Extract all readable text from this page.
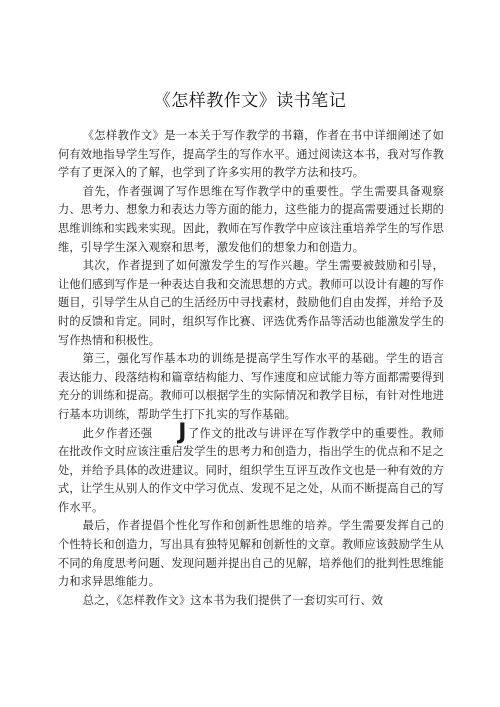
《怎样教作文》读书笔记

《怎样教作文》是一本关于写作教学的书籍，作者在书中详细阐述了如何有效地指导学生写作，提高学生的写作水平。通过阅读这本书，我对写作教学有了更深入的了解，也学到了许多实用的教学方法和技巧。

首先，作者强调了写作思维在写作教学中的重要性。学生需要具备观察力、思考力、想象力和表达力等方面的能力，这些能力的提高需要通过长期的思维训练和实践来实现。因此，教师在写作教学中应该注重培养学生的写作思维，引导学生深入观察和思考，激发他们的想象力和创造力。

其次，作者提到了如何激发学生的写作兴趣。学生需要被鼓励和引导，让他们感到写作是一种表达自我和交流思想的方式。教师可以设计有趣的写作题目，引导学生从自己的生活经历中寻找素材，鼓励他们自由发挥，并给予及时的反馈和肯定。同时，组织写作比赛、评选优秀作品等活动也能激发学生的写作热情和积极性。

第三，强化写作基本功的训练是提高学生写作水平的基础。学生的语言表达能力、段落结构和篇章结构能力、写作速度和应试能力等方面都需要得到充分的训练和提高。教师可以根据学生的实际情况和教学目标，有针对性地进行基本功训练，帮助学生打下扎实的写作基础。

此夕作者还强 J了作文的批改与讲评在写作教学中的重要性。教师在批改作文时应该注重启发学生的思考力和创造力，指出学生的优点和不足之处，并给予具体的改进建议。同时，组织学生互评互改作文也是一种有效的方式，让学生从别人的作文中学习优点、发现不足之处，从而不断提高自己的写作水平。

最后，作者提倡个性化写作和创新性思维的培养。学生需要发挥自己的个性特长和创造力，写出具有独特见解和创新性的文章。教师应该鼓励学生从不同的角度思考问题、发现问题并提出自己的见解，培养他们的批判性思维能力和求异思维能力。

总之，《怎样教作文》这本书为我们提供了一套切实可行、效
